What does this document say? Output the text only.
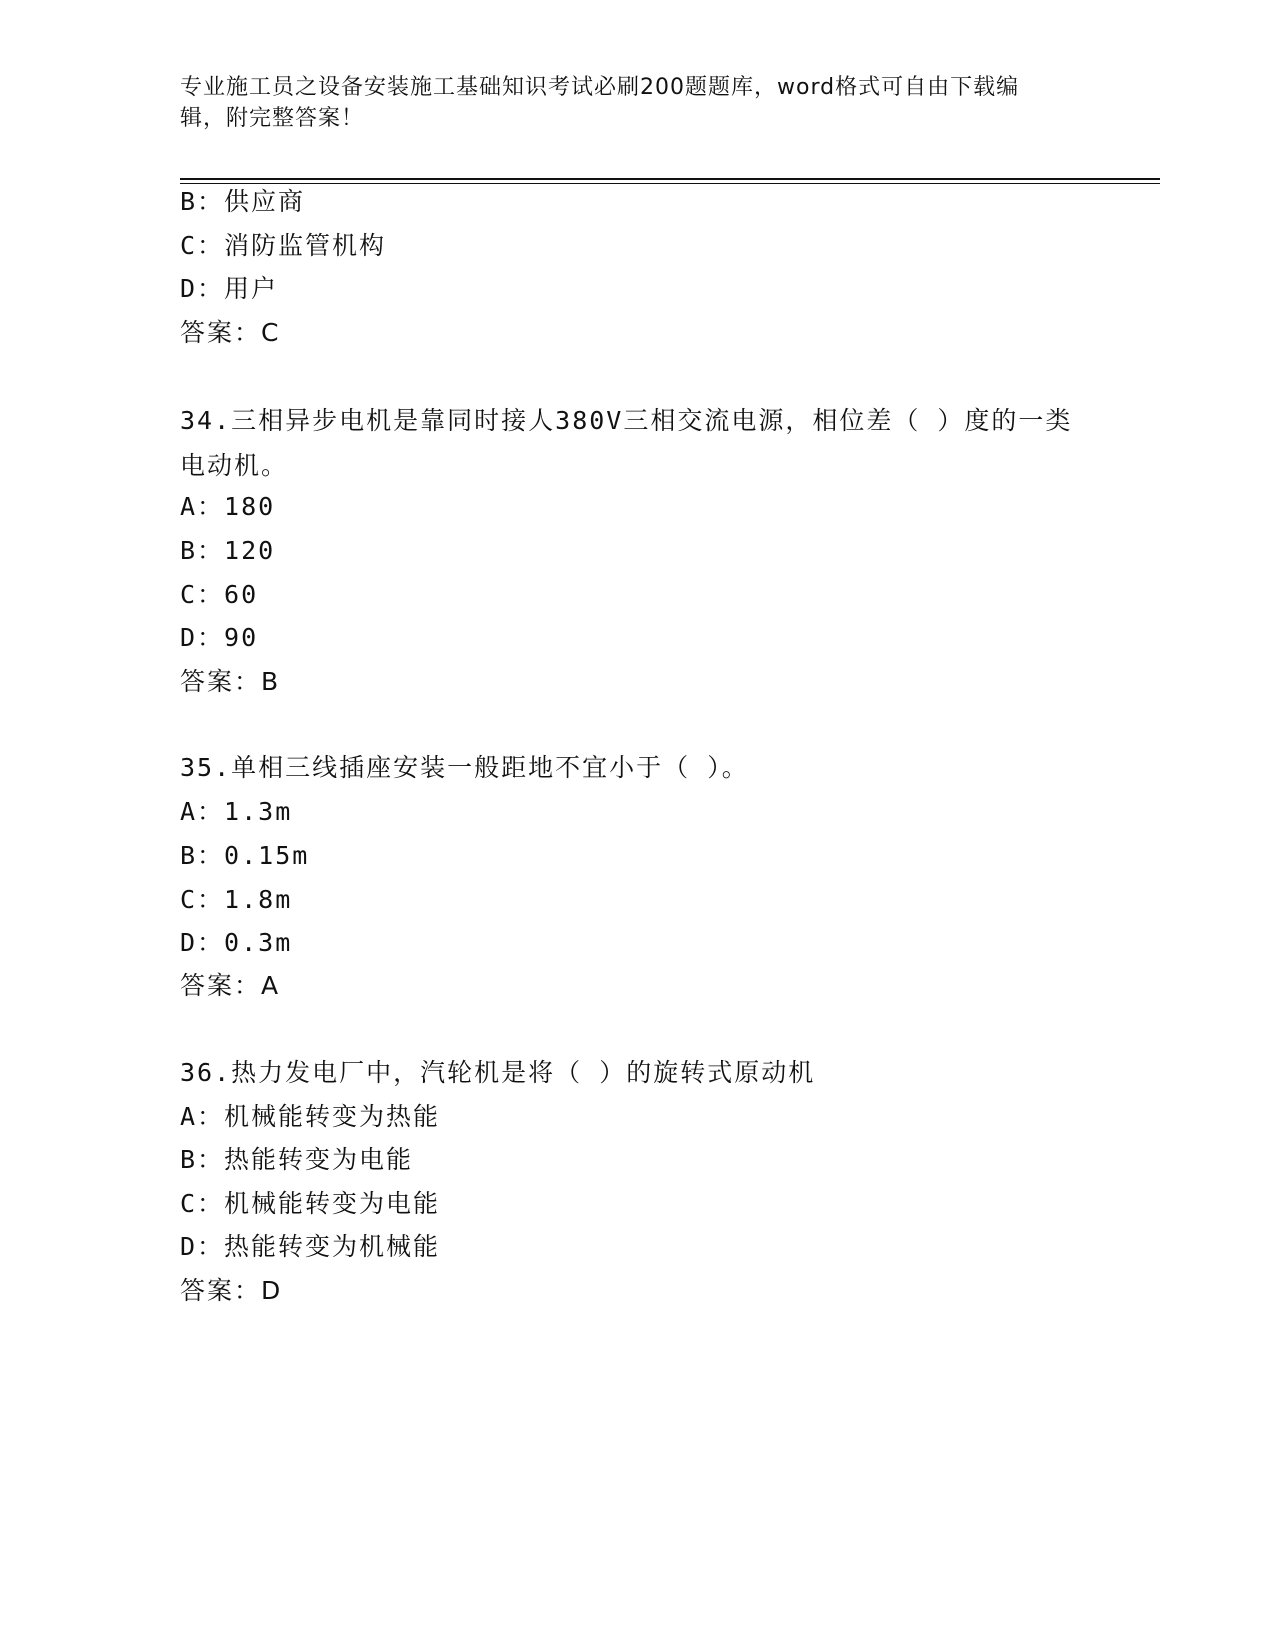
专业施工员之设备安装施工基础知识考试必刷200题题库，word格式可自由下载编辑，附完整答案！
B：供应商
C：消防监管机构
D：用户
答案：C
34.三相异步电机是靠同时接人380V三相交流电源，相位差（ ）度的一类电动机。
A：180
B：120
C：60
D：90
答案：B
35.单相三线插座安装一般距地不宜小于（ ）。
A：1.3m
B：0.15m
C：1.8m
D：0.3m
答案：A
36.热力发电厂中，汽轮机是将（ ）的旋转式原动机
A：机械能转变为热能
B：热能转变为电能
C：机械能转变为电能
D：热能转变为机械能
答案：D
